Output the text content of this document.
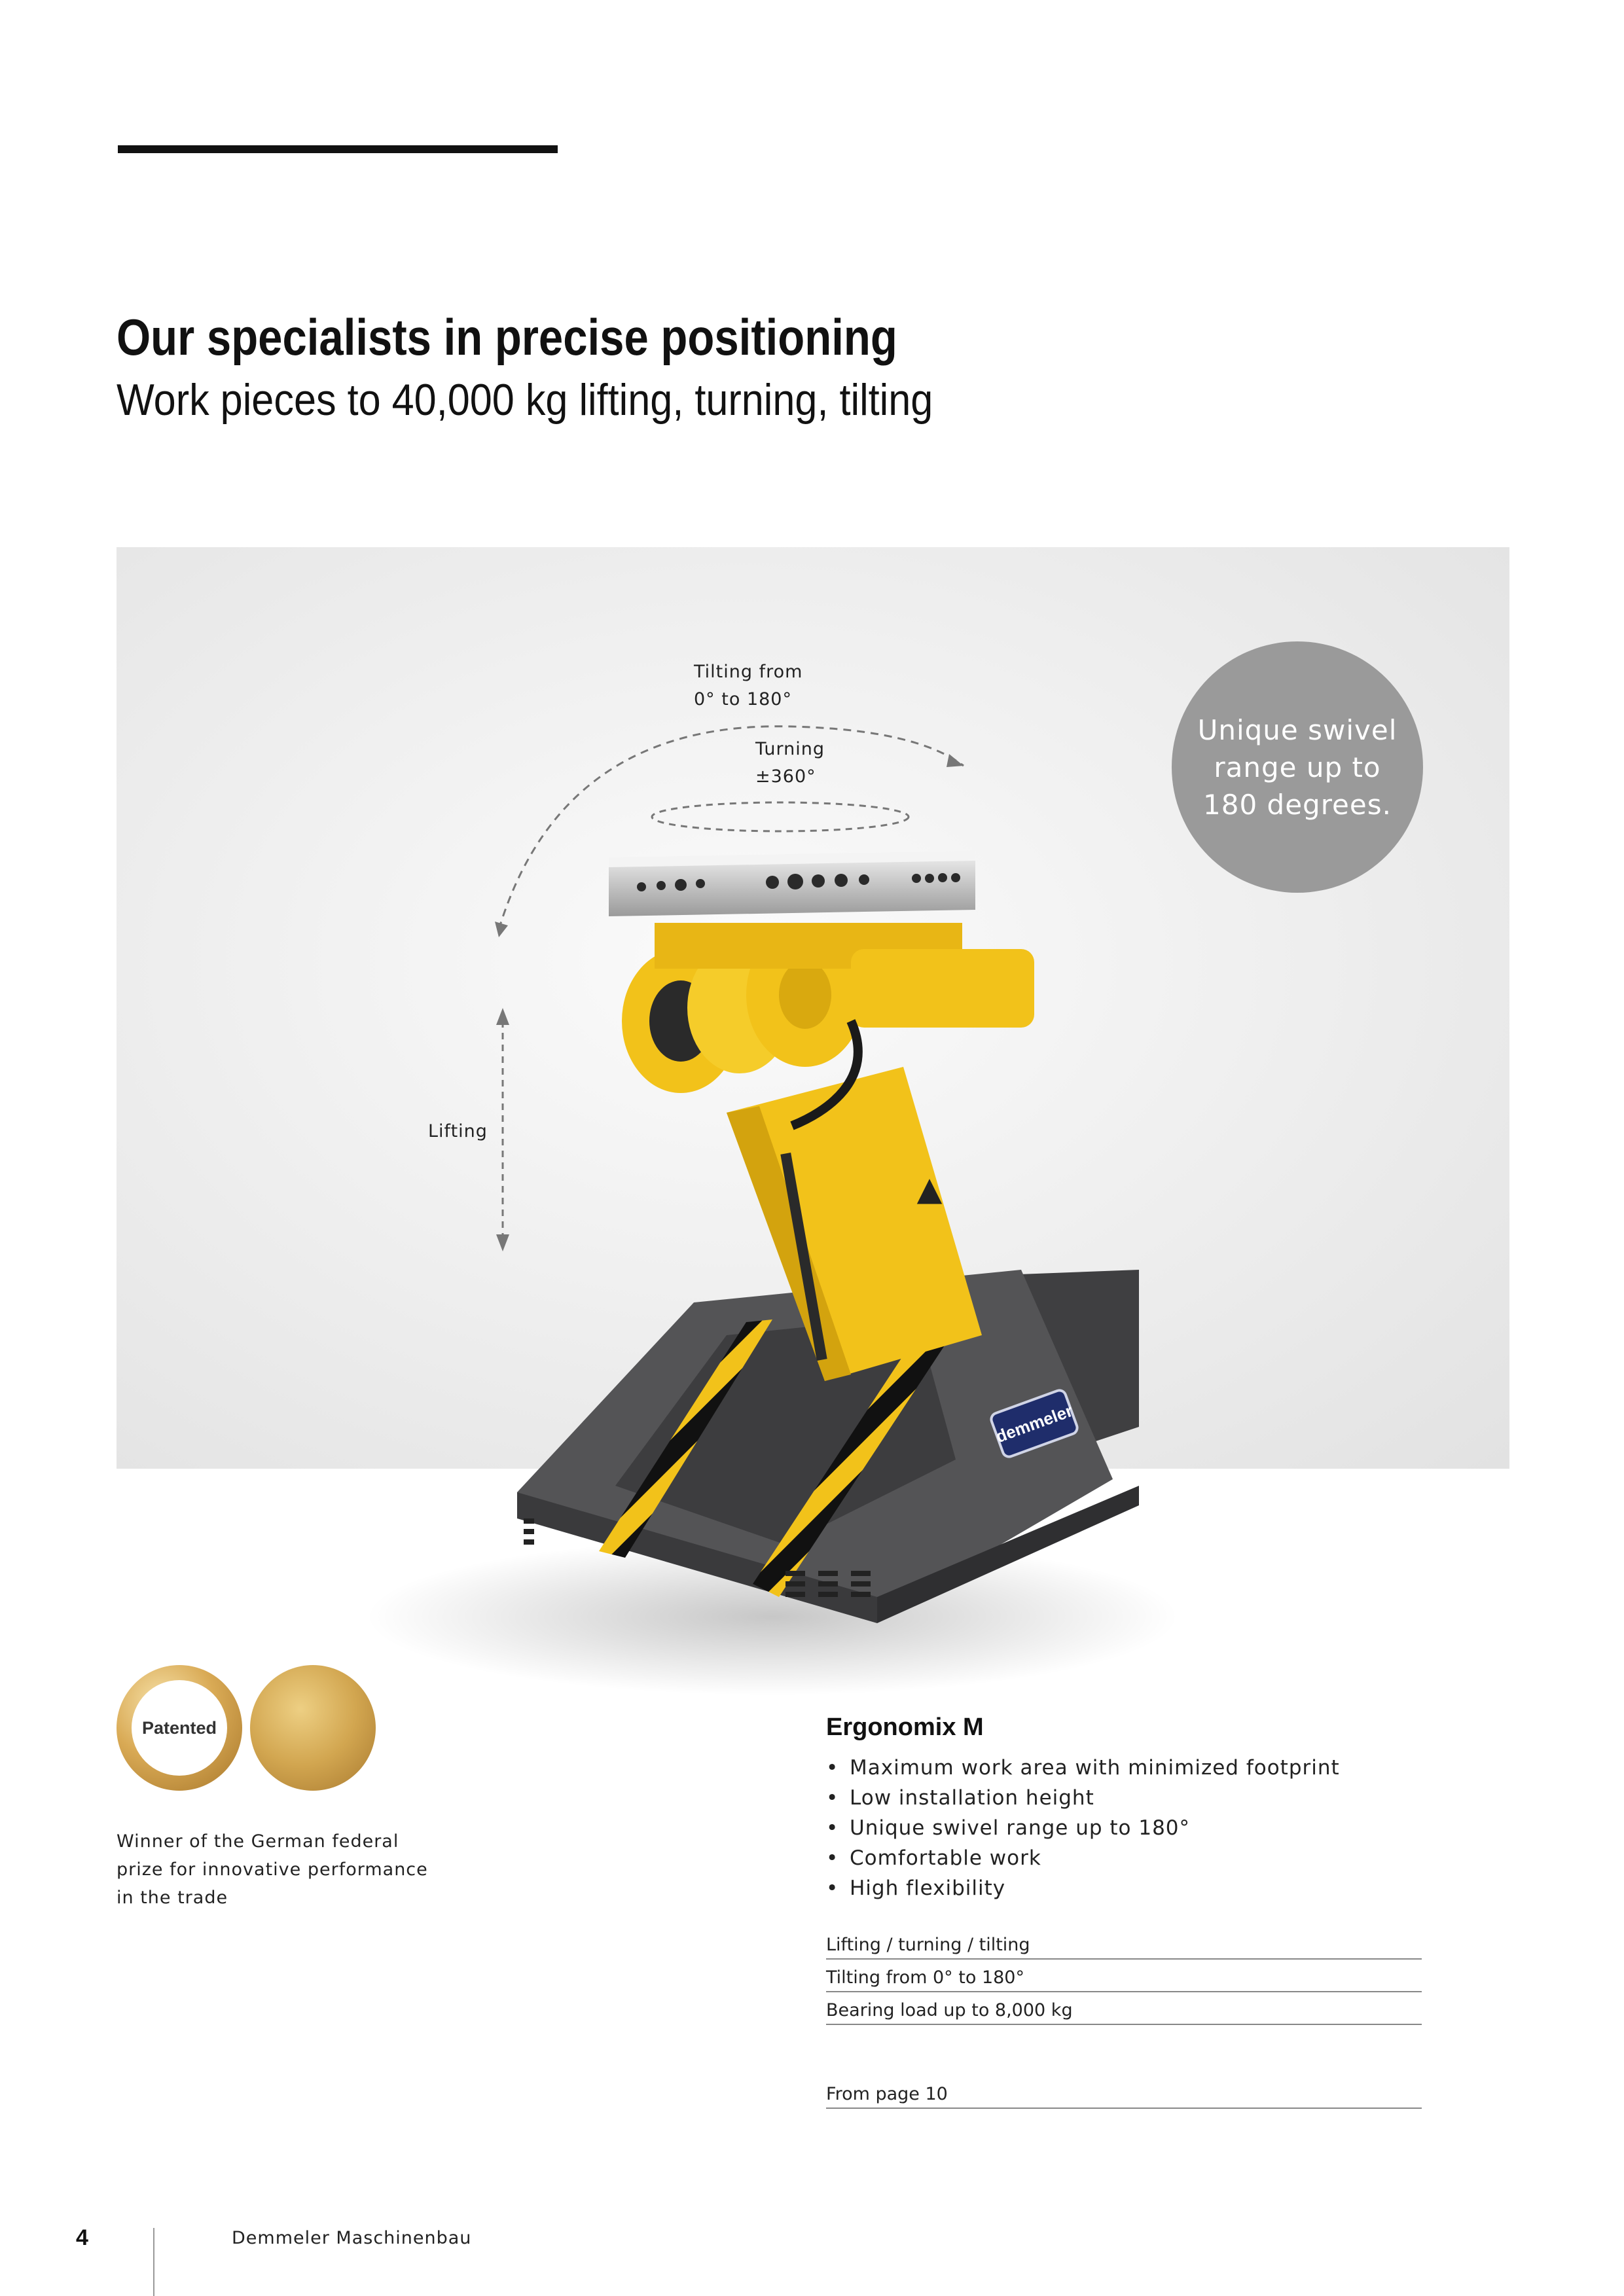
Our specialists in precise positioning
Work pieces to 40,000 kg lifting, turning, tilting
demmeler
Tilting from
0° to 180°
Turning
±360°
Lifting
Unique swivel range up to 180 degrees.
Patented
Winner of the German federal prize for innovative performance in the trade
Ergonomix M
• Maximum work area with minimized footprint
• Low installation height
• Unique swivel range up to 180°
• Comfortable work
• High flexibility
Lifting / turning / tilting
Tilting from 0° to 180°
Bearing load up to 8,000 kg
From page 10
4	Demmeler Maschinenbau
